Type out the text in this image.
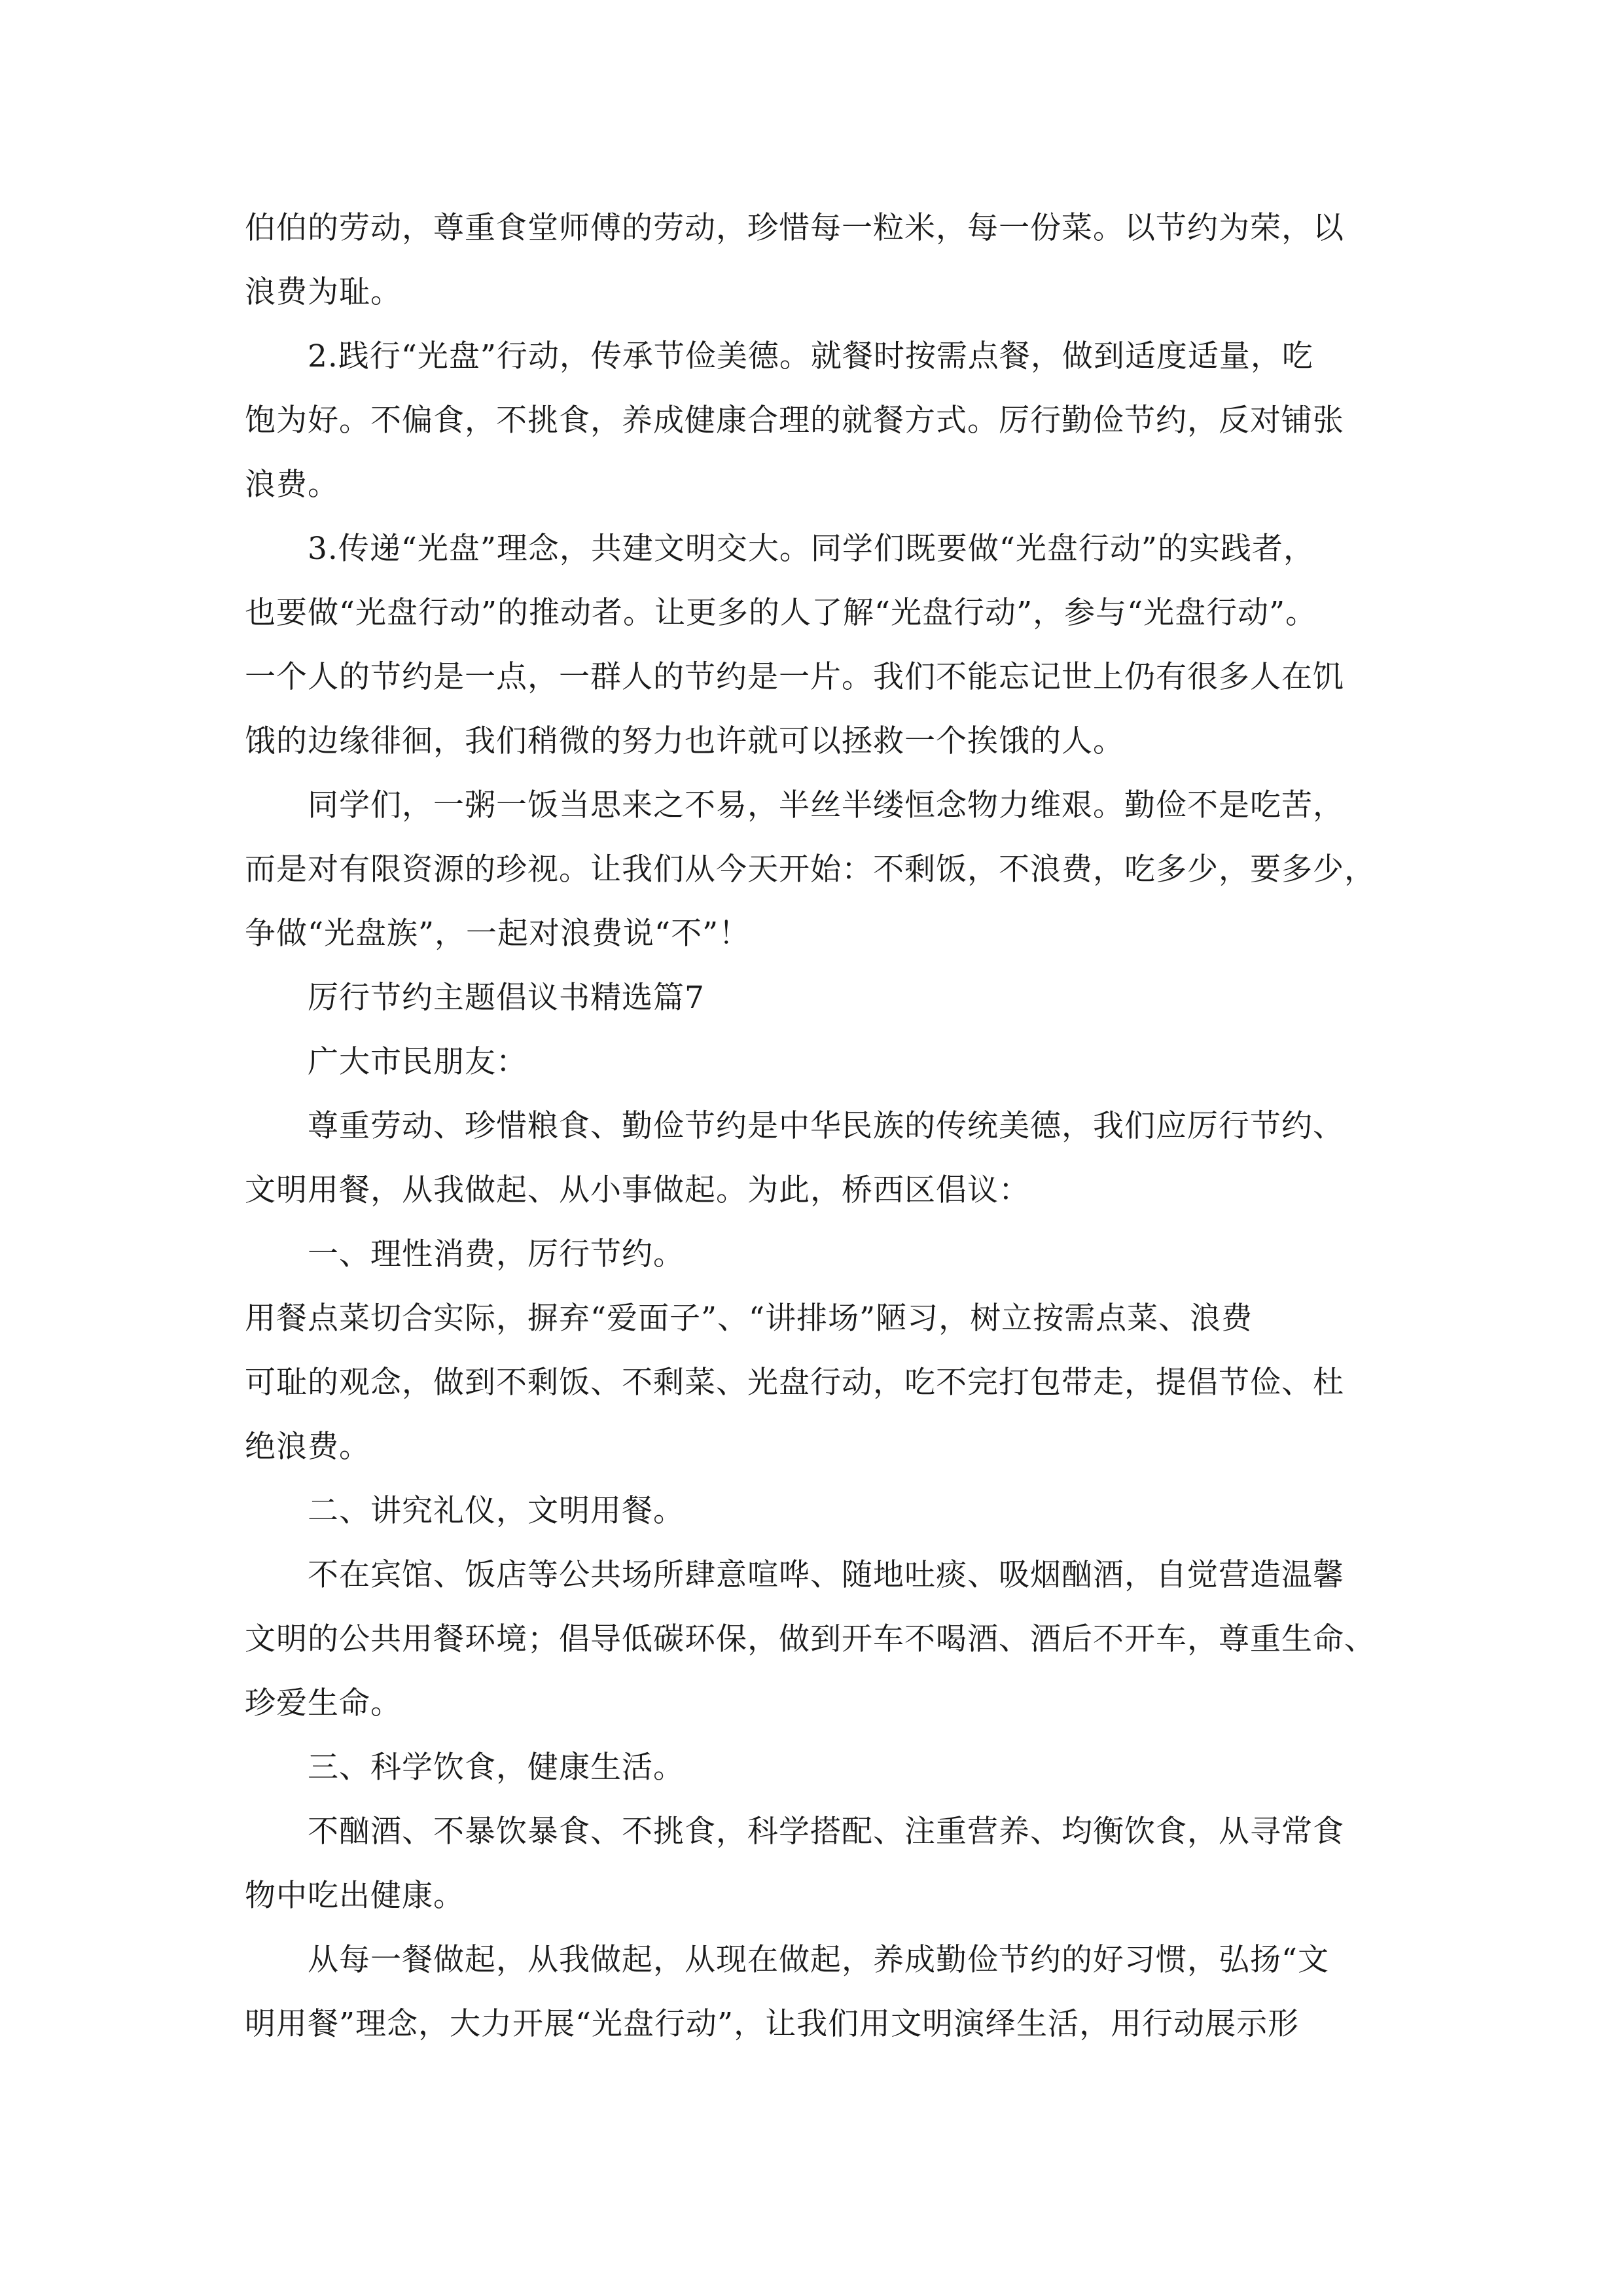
伯伯的劳动，尊重食堂师傅的劳动，珍惜每一粒米，每一份菜。以节约为荣，以
浪费为耻。
2.践行“光盘”行动，传承节俭美德。就餐时按需点餐，做到适度适量，吃
饱为好。不偏食，不挑食，养成健康合理的就餐方式。厉行勤俭节约，反对铺张
浪费。
3.传递“光盘”理念，共建文明交大。同学们既要做“光盘行动”的实践者，
也要做“光盘行动”的推动者。让更多的人了解“光盘行动”，参与“光盘行动”。
一个人的节约是一点，一群人的节约是一片。我们不能忘记世上仍有很多人在饥
饿的边缘徘徊，我们稍微的努力也许就可以拯救一个挨饿的人。
同学们，一粥一饭当思来之不易，半丝半缕恒念物力维艰。勤俭不是吃苦，
而是对有限资源的珍视。让我们从今天开始：不剩饭，不浪费，吃多少，要多少，
争做“光盘族”，一起对浪费说“不”！
厉行节约主题倡议书精选篇7
广大市民朋友：
尊重劳动、珍惜粮食、勤俭节约是中华民族的传统美德，我们应厉行节约、
文明用餐，从我做起、从小事做起。为此，桥西区倡议：
一、理性消费，厉行节约。
用餐点菜切合实际，摒弃“爱面子”、“讲排场”陋习，树立按需点菜、浪费
可耻的观念，做到不剩饭、不剩菜、光盘行动，吃不完打包带走，提倡节俭、杜
绝浪费。
二、讲究礼仪，文明用餐。
不在宾馆、饭店等公共场所肆意喧哗、随地吐痰、吸烟酗酒，自觉营造温馨
文明的公共用餐环境；倡导低碳环保，做到开车不喝酒、酒后不开车，尊重生命、
珍爱生命。
三、科学饮食，健康生活。
不酗酒、不暴饮暴食、不挑食，科学搭配、注重营养、均衡饮食，从寻常食
物中吃出健康。
从每一餐做起，从我做起，从现在做起，养成勤俭节约的好习惯，弘扬“文
明用餐”理念，大力开展“光盘行动”，让我们用文明演绎生活，用行动展示形
